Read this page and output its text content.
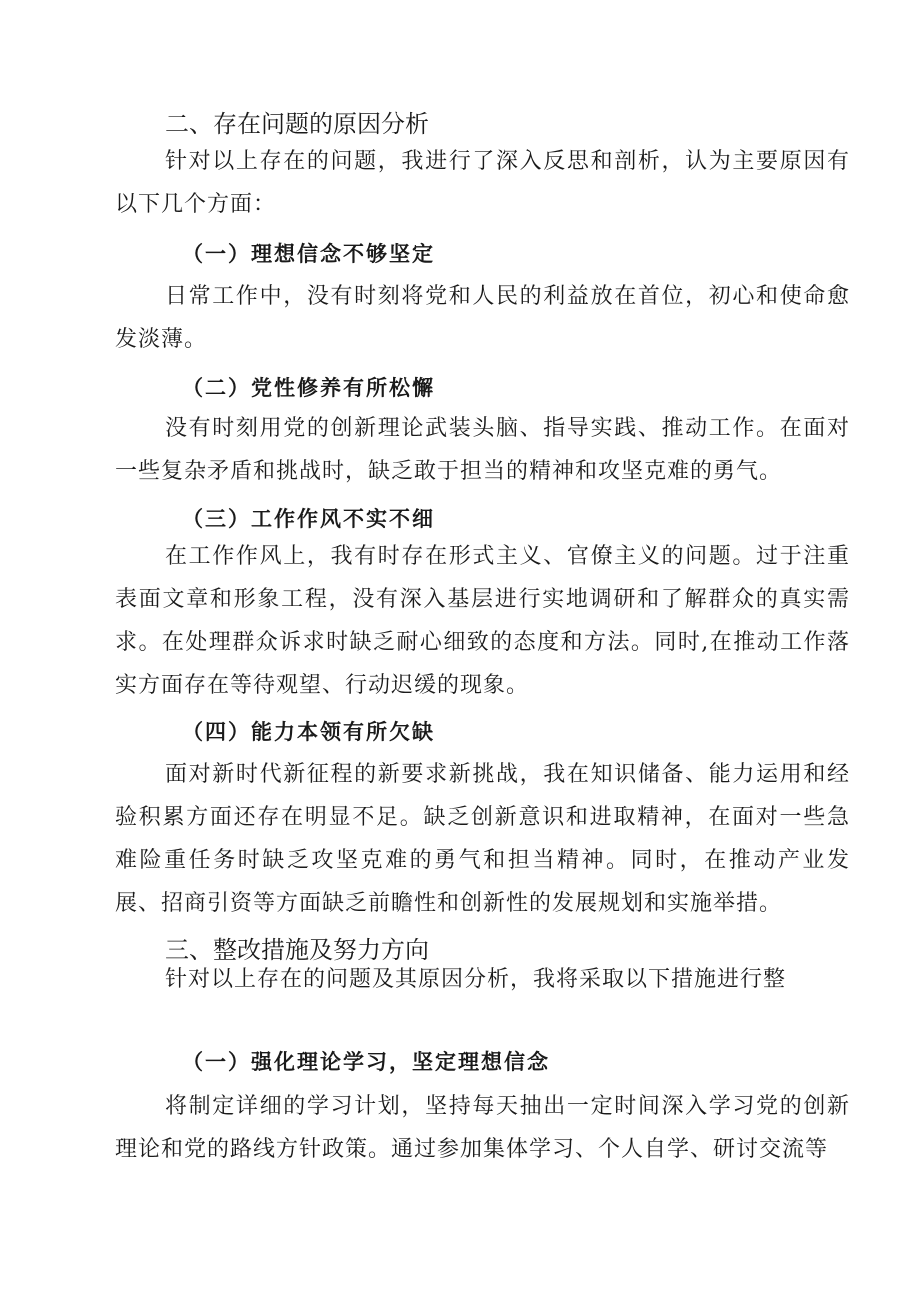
二、存在问题的原因分析

针对以上存在的问题，我进行了深入反思和剖析，认为主要原因有以下几个方面：

（一）理想信念不够坚定

日常工作中，没有时刻将党和人民的利益放在首位，初心和使命愈发淡薄。

（二）党性修养有所松懈

没有时刻用党的创新理论武装头脑、指导实践、推动工作。在面对一些复杂矛盾和挑战时，缺乏敢于担当的精神和攻坚克难的勇气。

（三）工作作风不实不细

在工作作风上，我有时存在形式主义、官僚主义的问题。过于注重表面文章和形象工程，没有深入基层进行实地调研和了解群众的真实需求。在处理群众诉求时缺乏耐心细致的态度和方法。同时,在推动工作落实方面存在等待观望、行动迟缓的现象。

（四）能力本领有所欠缺

面对新时代新征程的新要求新挑战，我在知识储备、能力运用和经验积累方面还存在明显不足。缺乏创新意识和进取精神，在面对一些急难险重任务时缺乏攻坚克难的勇气和担当精神。同时，在推动产业发展、招商引资等方面缺乏前瞻性和创新性的发展规划和实施举措。

三、整改措施及努力方向

针对以上存在的问题及其原因分析，我将采取以下措施进行整

（一）强化理论学习，坚定理想信念

将制定详细的学习计划，坚持每天抽出一定时间深入学习党的创新理论和党的路线方针政策。通过参加集体学习、个人自学、研讨交流等
